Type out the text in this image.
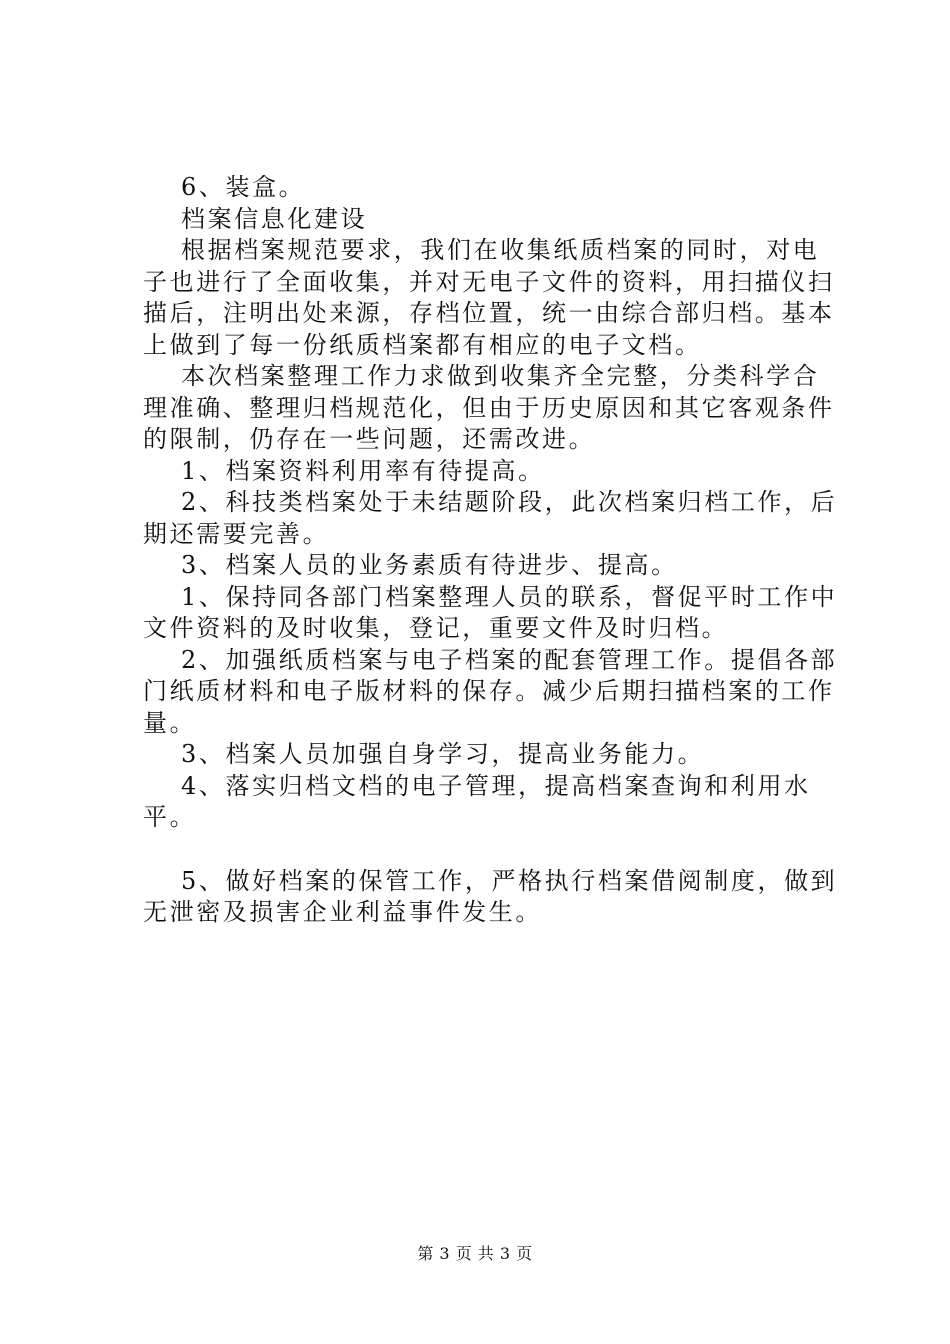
6、装盒。

档案信息化建设

根据档案规范要求，我们在收集纸质档案的同时，对电子也进行了全面收集，并对无电子文件的资料，用扫描仪扫描后，注明出处来源，存档位置，统一由综合部归档。基本上做到了每一份纸质档案都有相应的电子文档。

本次档案整理工作力求做到收集齐全完整，分类科学合理准确、整理归档规范化，但由于历史原因和其它客观条件的限制，仍存在一些问题，还需改进。

1、档案资料利用率有待提高。

2、科技类档案处于未结题阶段，此次档案归档工作，后期还需要完善。

3、档案人员的业务素质有待进步、提高。

1、保持同各部门档案整理人员的联系，督促平时工作中文件资料的及时收集，登记，重要文件及时归档。

2、加强纸质档案与电子档案的配套管理工作。提倡各部门纸质材料和电子版材料的保存。减少后期扫描档案的工作量。

3、档案人员加强自身学习，提高业务能力。

4、落实归档文档的电子管理，提高档案查询和利用水平。

5、做好档案的保管工作，严格执行档案借阅制度，做到无泄密及损害企业利益事件发生。

第 3 页 共 3 页
